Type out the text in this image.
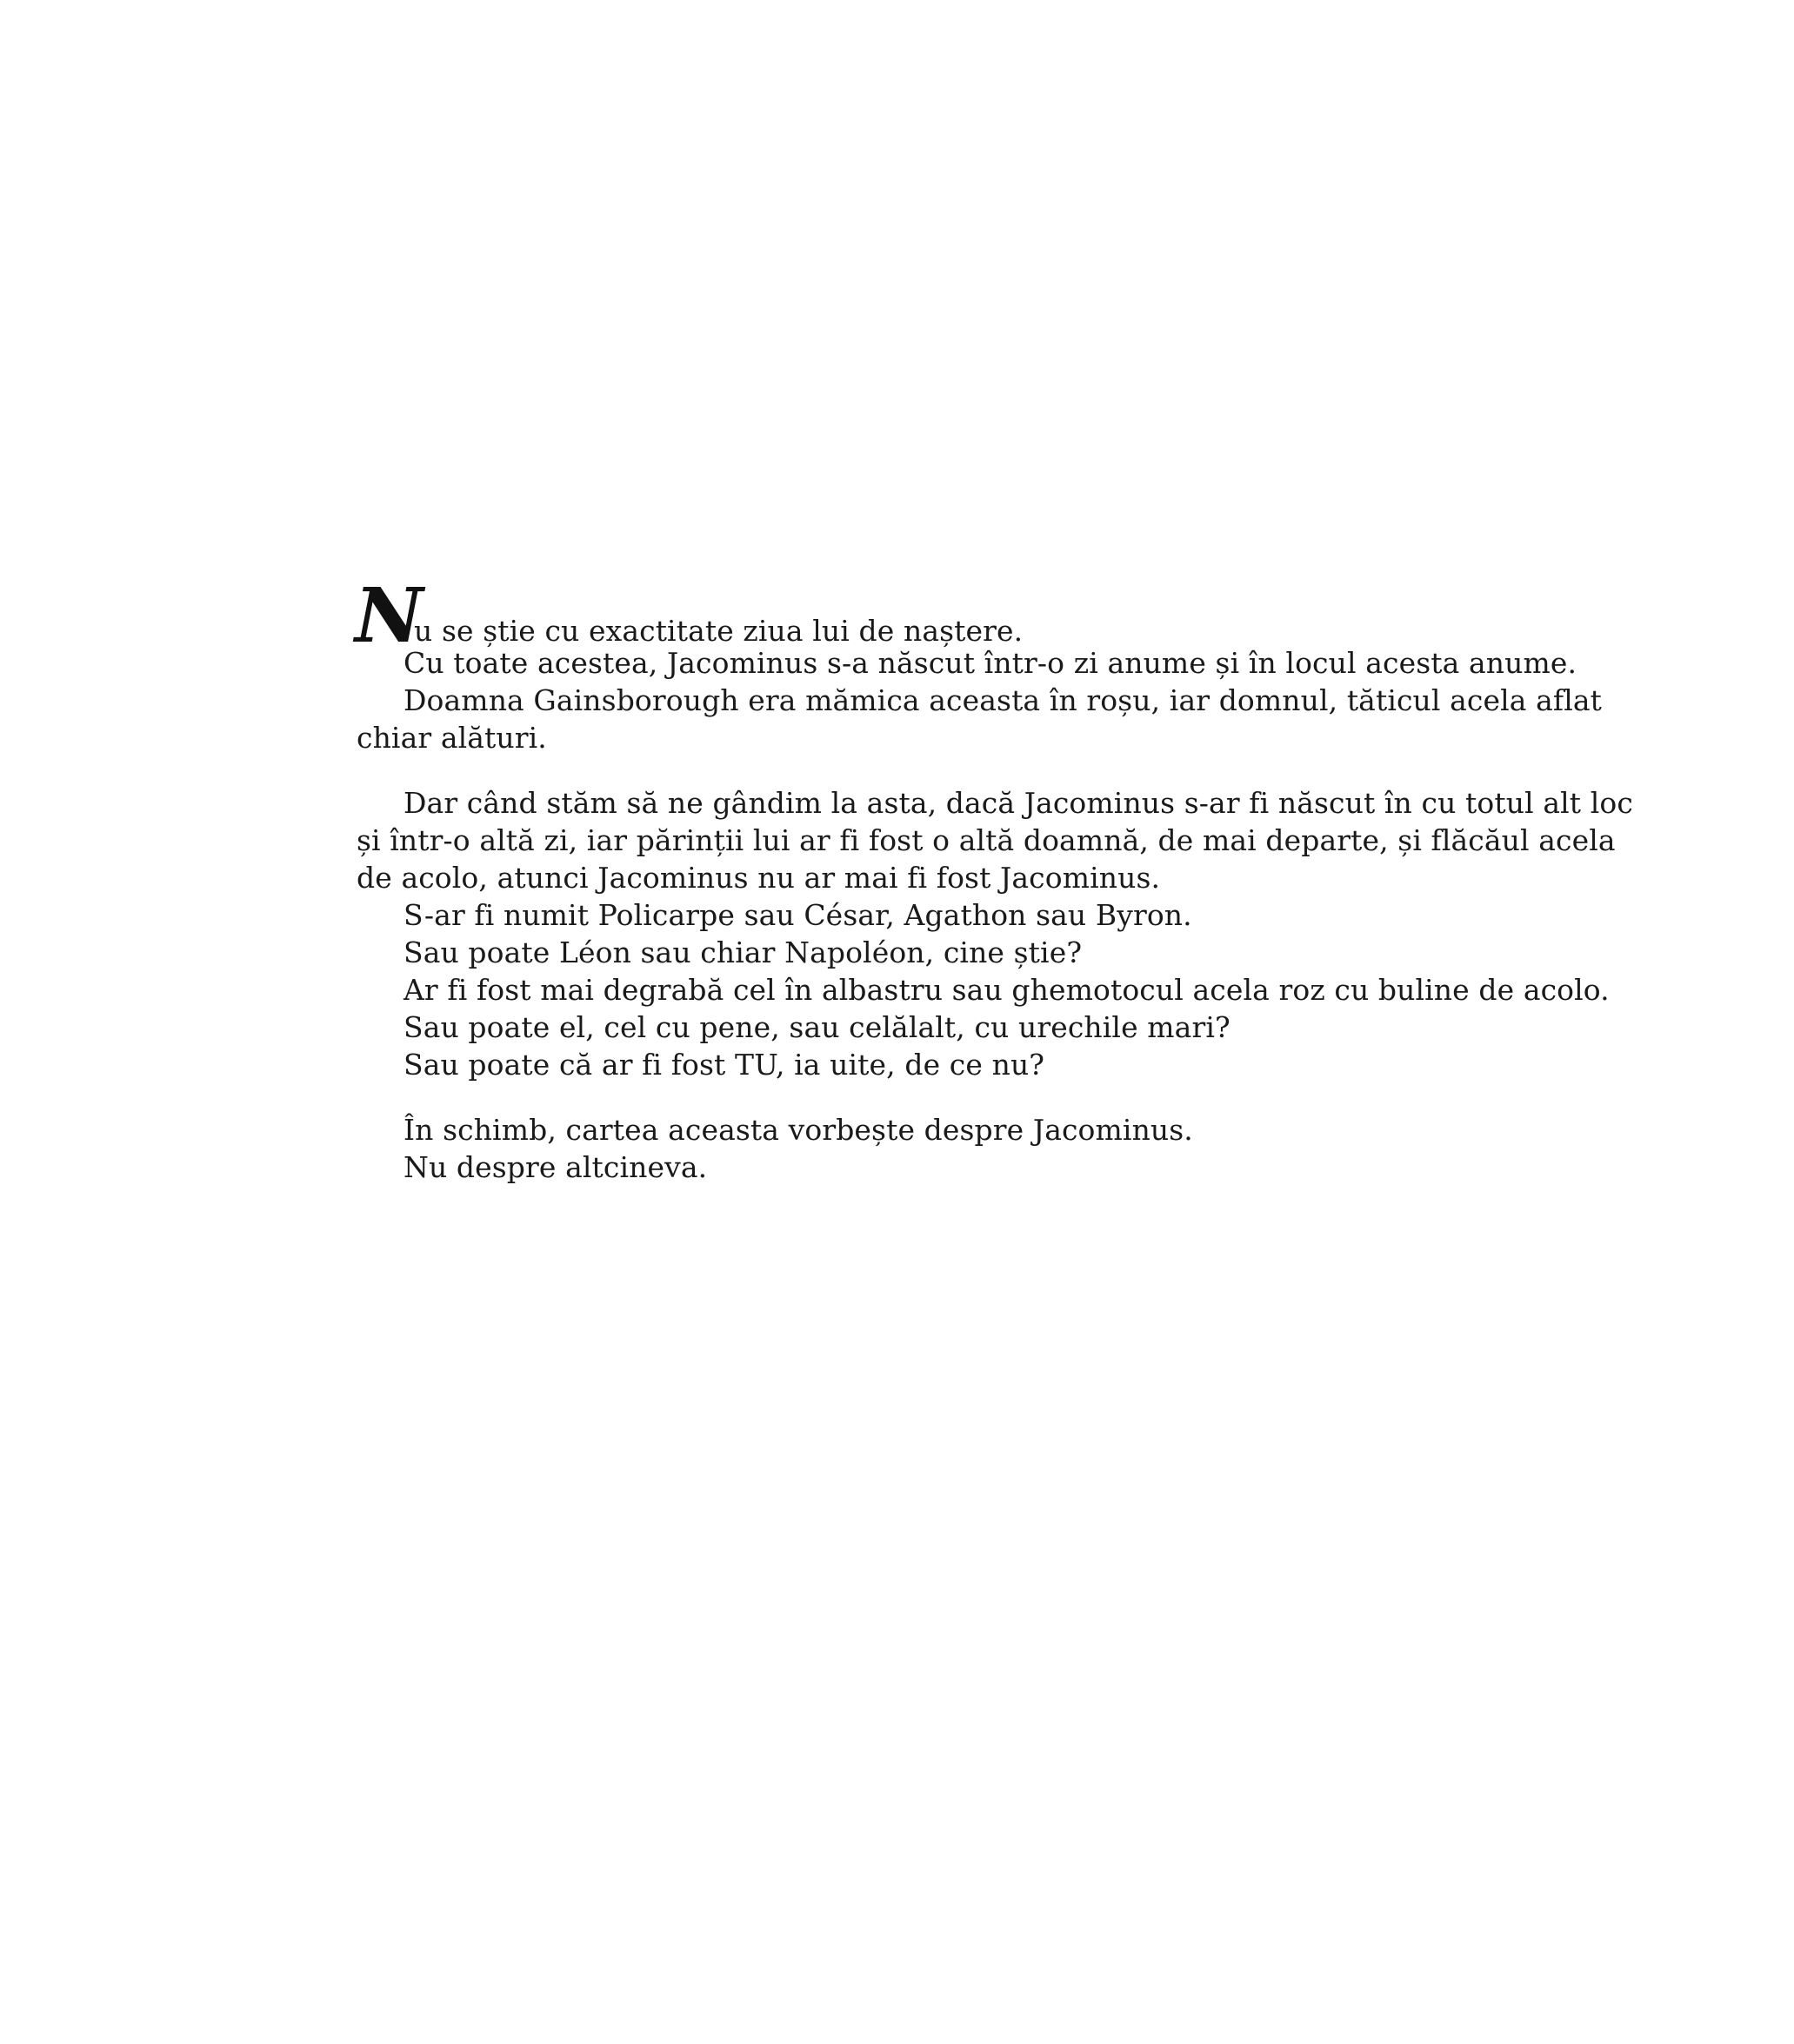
N
u se știe cu exactitate ziua lui de naștere.
Cu toate acestea, Jacominus s-a născut într-o zi anume și în locul acesta anume.
Doamna Gainsborough era mămica aceasta în roșu, iar domnul, tăticul acela aflat
chiar alături.
Dar când stăm să ne gândim la asta, dacă Jacominus s-ar fi născut în cu totul alt loc
și într-o altă zi, iar părinții lui ar fi fost o altă doamnă, de mai departe, și flăcăul acela
de acolo, atunci Jacominus nu ar mai fi fost Jacominus.
S-ar fi numit Policarpe sau César, Agathon sau Byron.
Sau poate Léon sau chiar Napoléon, cine știe?
Ar fi fost mai degrabă cel în albastru sau ghemotocul acela roz cu buline de acolo.
Sau poate el, cel cu pene, sau celălalt, cu urechile mari?
Sau poate că ar fi fost TU, ia uite, de ce nu?
În schimb, cartea aceasta vorbește despre Jacominus.
Nu despre altcineva.
